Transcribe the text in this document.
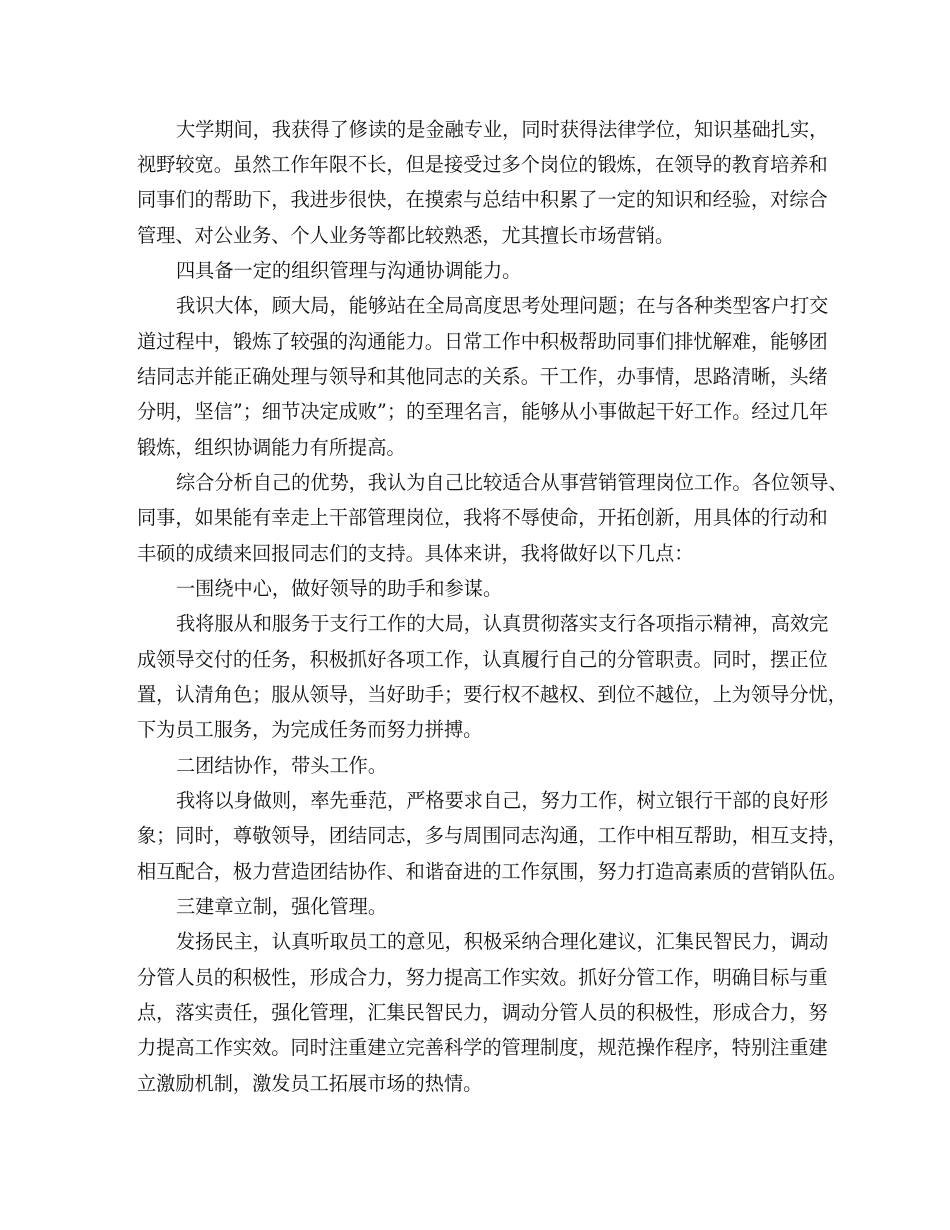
大学期间，我获得了修读的是金融专业，同时获得法律学位，知识基础扎实，
视野较宽。虽然工作年限不长，但是接受过多个岗位的锻炼，在领导的教育培养和
同事们的帮助下，我进步很快，在摸索与总结中积累了一定的知识和经验，对综合
管理、对公业务、个人业务等都比较熟悉，尤其擅长市场营销。
四具备一定的组织管理与沟通协调能力。
我识大体，顾大局，能够站在全局高度思考处理问题；在与各种类型客户打交
道过程中，锻炼了较强的沟通能力。日常工作中积极帮助同事们排忧解难，能够团
结同志并能正确处理与领导和其他同志的关系。干工作，办事情，思路清晰，头绪
分明，坚信”；细节决定成败”；的至理名言，能够从小事做起干好工作。经过几年
锻炼，组织协调能力有所提高。
综合分析自己的优势，我认为自己比较适合从事营销管理岗位工作。各位领导、
同事，如果能有幸走上干部管理岗位，我将不辱使命，开拓创新，用具体的行动和
丰硕的成绩来回报同志们的支持。具体来讲，我将做好以下几点：
一围绕中心，做好领导的助手和参谋。
我将服从和服务于支行工作的大局，认真贯彻落实支行各项指示精神，高效完
成领导交付的任务，积极抓好各项工作，认真履行自己的分管职责。同时，摆正位
置，认清角色；服从领导，当好助手；要行权不越权、到位不越位，上为领导分忧，
下为员工服务，为完成任务而努力拼搏。
二团结协作，带头工作。
我将以身做则，率先垂范，严格要求自己，努力工作，树立银行干部的良好形
象；同时，尊敬领导，团结同志，多与周围同志沟通，工作中相互帮助，相互支持，
相互配合，极力营造团结协作、和谐奋进的工作氛围，努力打造高素质的营销队伍。
三建章立制，强化管理。
发扬民主，认真听取员工的意见，积极采纳合理化建议，汇集民智民力，调动
分管人员的积极性，形成合力，努力提高工作实效。抓好分管工作，明确目标与重
点，落实责任，强化管理，汇集民智民力，调动分管人员的积极性，形成合力，努
力提高工作实效。同时注重建立完善科学的管理制度，规范操作程序，特别注重建
立激励机制，激发员工拓展市场的热情。
